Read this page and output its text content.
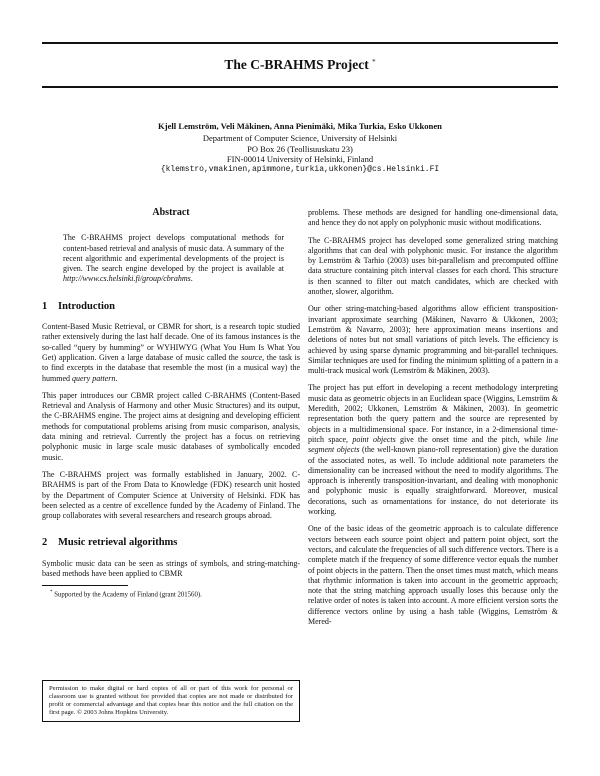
The C-BRAHMS Project *
Kjell Lemström, Veli Mäkinen, Anna Pienimäki, Mika Turkia, Esko Ukkonen
Department of Computer Science, University of Helsinki
PO Box 26 (Teollisuuskatu 23)
FIN-00014 University of Helsinki, Finland
{klemstro,vmakinen,apimmone,turkia,ukkonen}@cs.Helsinki.FI
Abstract

The C-BRAHMS project develops computational methods for content-based retrieval and analysis of music data. A summary of the recent algorithmic and experimental developments of the project is given. The search engine developed by the project is available at http://www.cs.helsinki.fi/group/cbrahms.

1 Introduction

Content-Based Music Retrieval, or CBMR for short, is a research topic studied rather extensively during the last half decade. One of its famous instances is the so-called “query by humming” or WYHIWYG (What You Hum Is What You Get) application. Given a large database of music called the source, the task is to find excerpts in the database that resemble the most (in a musical way) the hummed query pattern.

This paper introduces our CBMR project called C-BRAHMS (Content-Based Retrieval and Analysis of Harmony and other Music Structures) and its output, the C-BRAHMS engine. The project aims at designing and developing efficient methods for computational problems arising from music comparison, analysis, data mining and retrieval. Currently the project has a focus on retrieving polyphonic music in large scale music databases of symbolically encoded music.

The C-BRAHMS project was formally established in January, 2002. C-BRAHMS is part of the From Data to Knowledge (FDK) research unit hosted by the Department of Computer Science at University of Helsinki. FDK has been selected as a centre of excellence funded by the Academy of Finland. The group collaborates with several researchers and research groups abroad.

2 Music retrieval algorithms

Symbolic music data can be seen as strings of symbols, and string-matching-based methods have been applied to CBMR

* Supported by the Academy of Finland (grant 201560).
Permission to make digital or hard copies of all or part of this work for personal or classroom use is granted without fee provided that copies are not made or distributed for profit or commercial advantage and that copies bear this notice and the full citation on the first page. © 2003 Johns Hopkins University.

problems. These methods are designed for handling one-dimensional data, and hence they do not apply on polyphonic music without modifications.

The C-BRAHMS project has developed some generalized string matching algorithms that can deal with polyphonic music. For instance the algorithm by Lemström & Tarhio (2003) uses bit-parallelism and precomputed offline data structure containing pitch interval classes for each chord. This structure is then scanned to filter out match candidates, which are checked with another, slower, algorithm.

Our other string-matching-based algorithms allow efficient transposition-invariant approximate searching (Mäkinen, Navarro & Ukkonen, 2003; Lemström & Navarro, 2003); here approximation means insertions and deletions of notes but not small variations of pitch levels. The efficiency is achieved by using sparse dynamic programming and bit-parallel techniques. Similar techniques are used for finding the minimum splitting of a pattern in a multi-track musical work (Lemström & Mäkinen, 2003).

The project has put effort in developing a recent methodology interpreting music data as geometric objects in an Euclidean space (Wiggins, Lemström & Meredith, 2002; Ukkonen, Lemström & Mäkinen, 2003). In geometric representation both the query pattern and the source are represented by objects in a multidimensional space. For instance, in a 2-dimensional time-pitch space, point objects give the onset time and the pitch, while line segment objects (the well-known piano-roll representation) give the duration of the associated notes, as well. To include additional note parameters the dimensionality can be increased without the need to modify algorithms. The approach is inherently transposition-invariant, and dealing with monophonic and polyphonic music is equally straightforward. Moreover, musical decorations, such as ornamentations for instance, do not deteriorate its working.

One of the basic ideas of the geometric approach is to calculate difference vectors between each source point object and pattern point object, sort the vectors, and calculate the frequencies of all such difference vectors. There is a complete match if the frequency of some difference vector equals the number of point objects in the pattern. Then the onset times must match, which means that rhythmic information is taken into account in the geometric approach; note that the string matching approach usually loses this because only the relative order of notes is taken into account. A more efficient version sorts the difference vectors online by using a hash table (Wiggins, Lemström & Mered-
